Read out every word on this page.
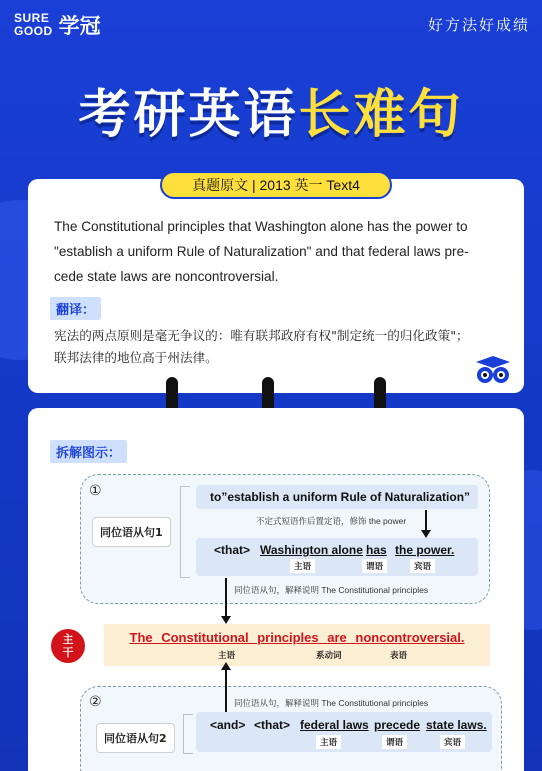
SURE
GOOD 学冠	好方法好成绩
考研英语长难句
真题原文 | 2013 英一 Text4
The Constitutional principles that Washington alone has the power to
"establish a uniform Rule of Naturalization" and that federal laws pre-
cede state laws are noncontroversial.
翻译：
宪法的两点原则是毫无争议的：唯有联邦政府有权"制定统一的归化政策"；
联邦法律的地位高于州法律。
拆解图示：
①
同位语从句1
to”establish a uniform Rule of Naturalization”
不定式短语作后置定语，修饰 the power
<that> Washington alone has the power.
主语	谓语	宾语
同位语从句，解释说明 The Constitutional principles
主干
The Constitutional principles are noncontroversial.
主语	系动词	表语
②	同位语从句，解释说明 The Constitutional principles
同位语从句2
<and> <that> federal laws precede state laws.
主语	谓语	宾语
